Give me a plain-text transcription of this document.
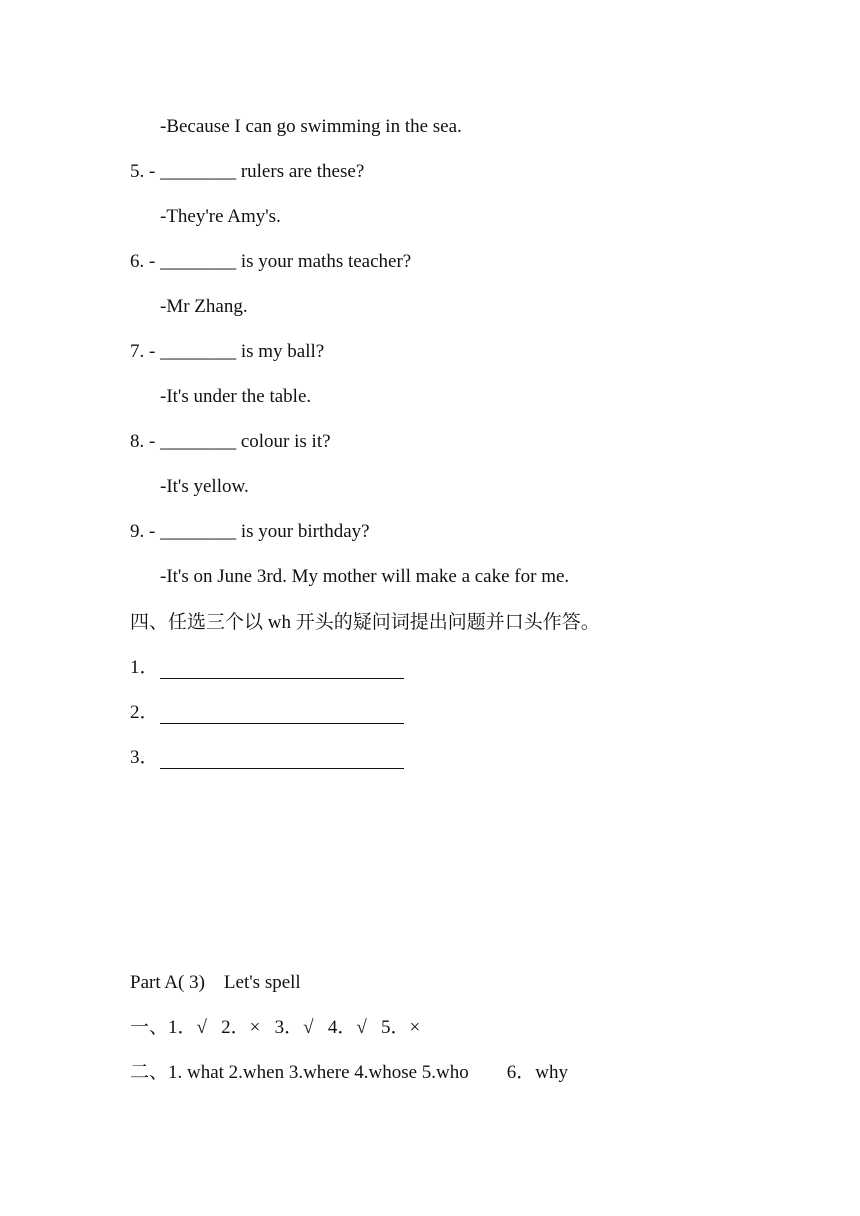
-Because I can go swimming in the sea.
5. - ________ rulers are these?
-They're Amy's.
6. - ________ is your maths teacher?
-Mr Zhang.
7. - ________ is my ball?
-It's under the table.
8. - ________ colour is it?
-It's yellow.
9. - ________ is your birthday?
-It's on June 3rd. My mother will make a cake for me.
四、任选三个以 wh 开头的疑问词提出问题并口头作答。
1．
2．
3．
Part A( 3)    Let's spell
一、1．√   2．×   3．√   4．√   5．×
二、1. what 2.when 3.where 4.whose 5.who        6．why
